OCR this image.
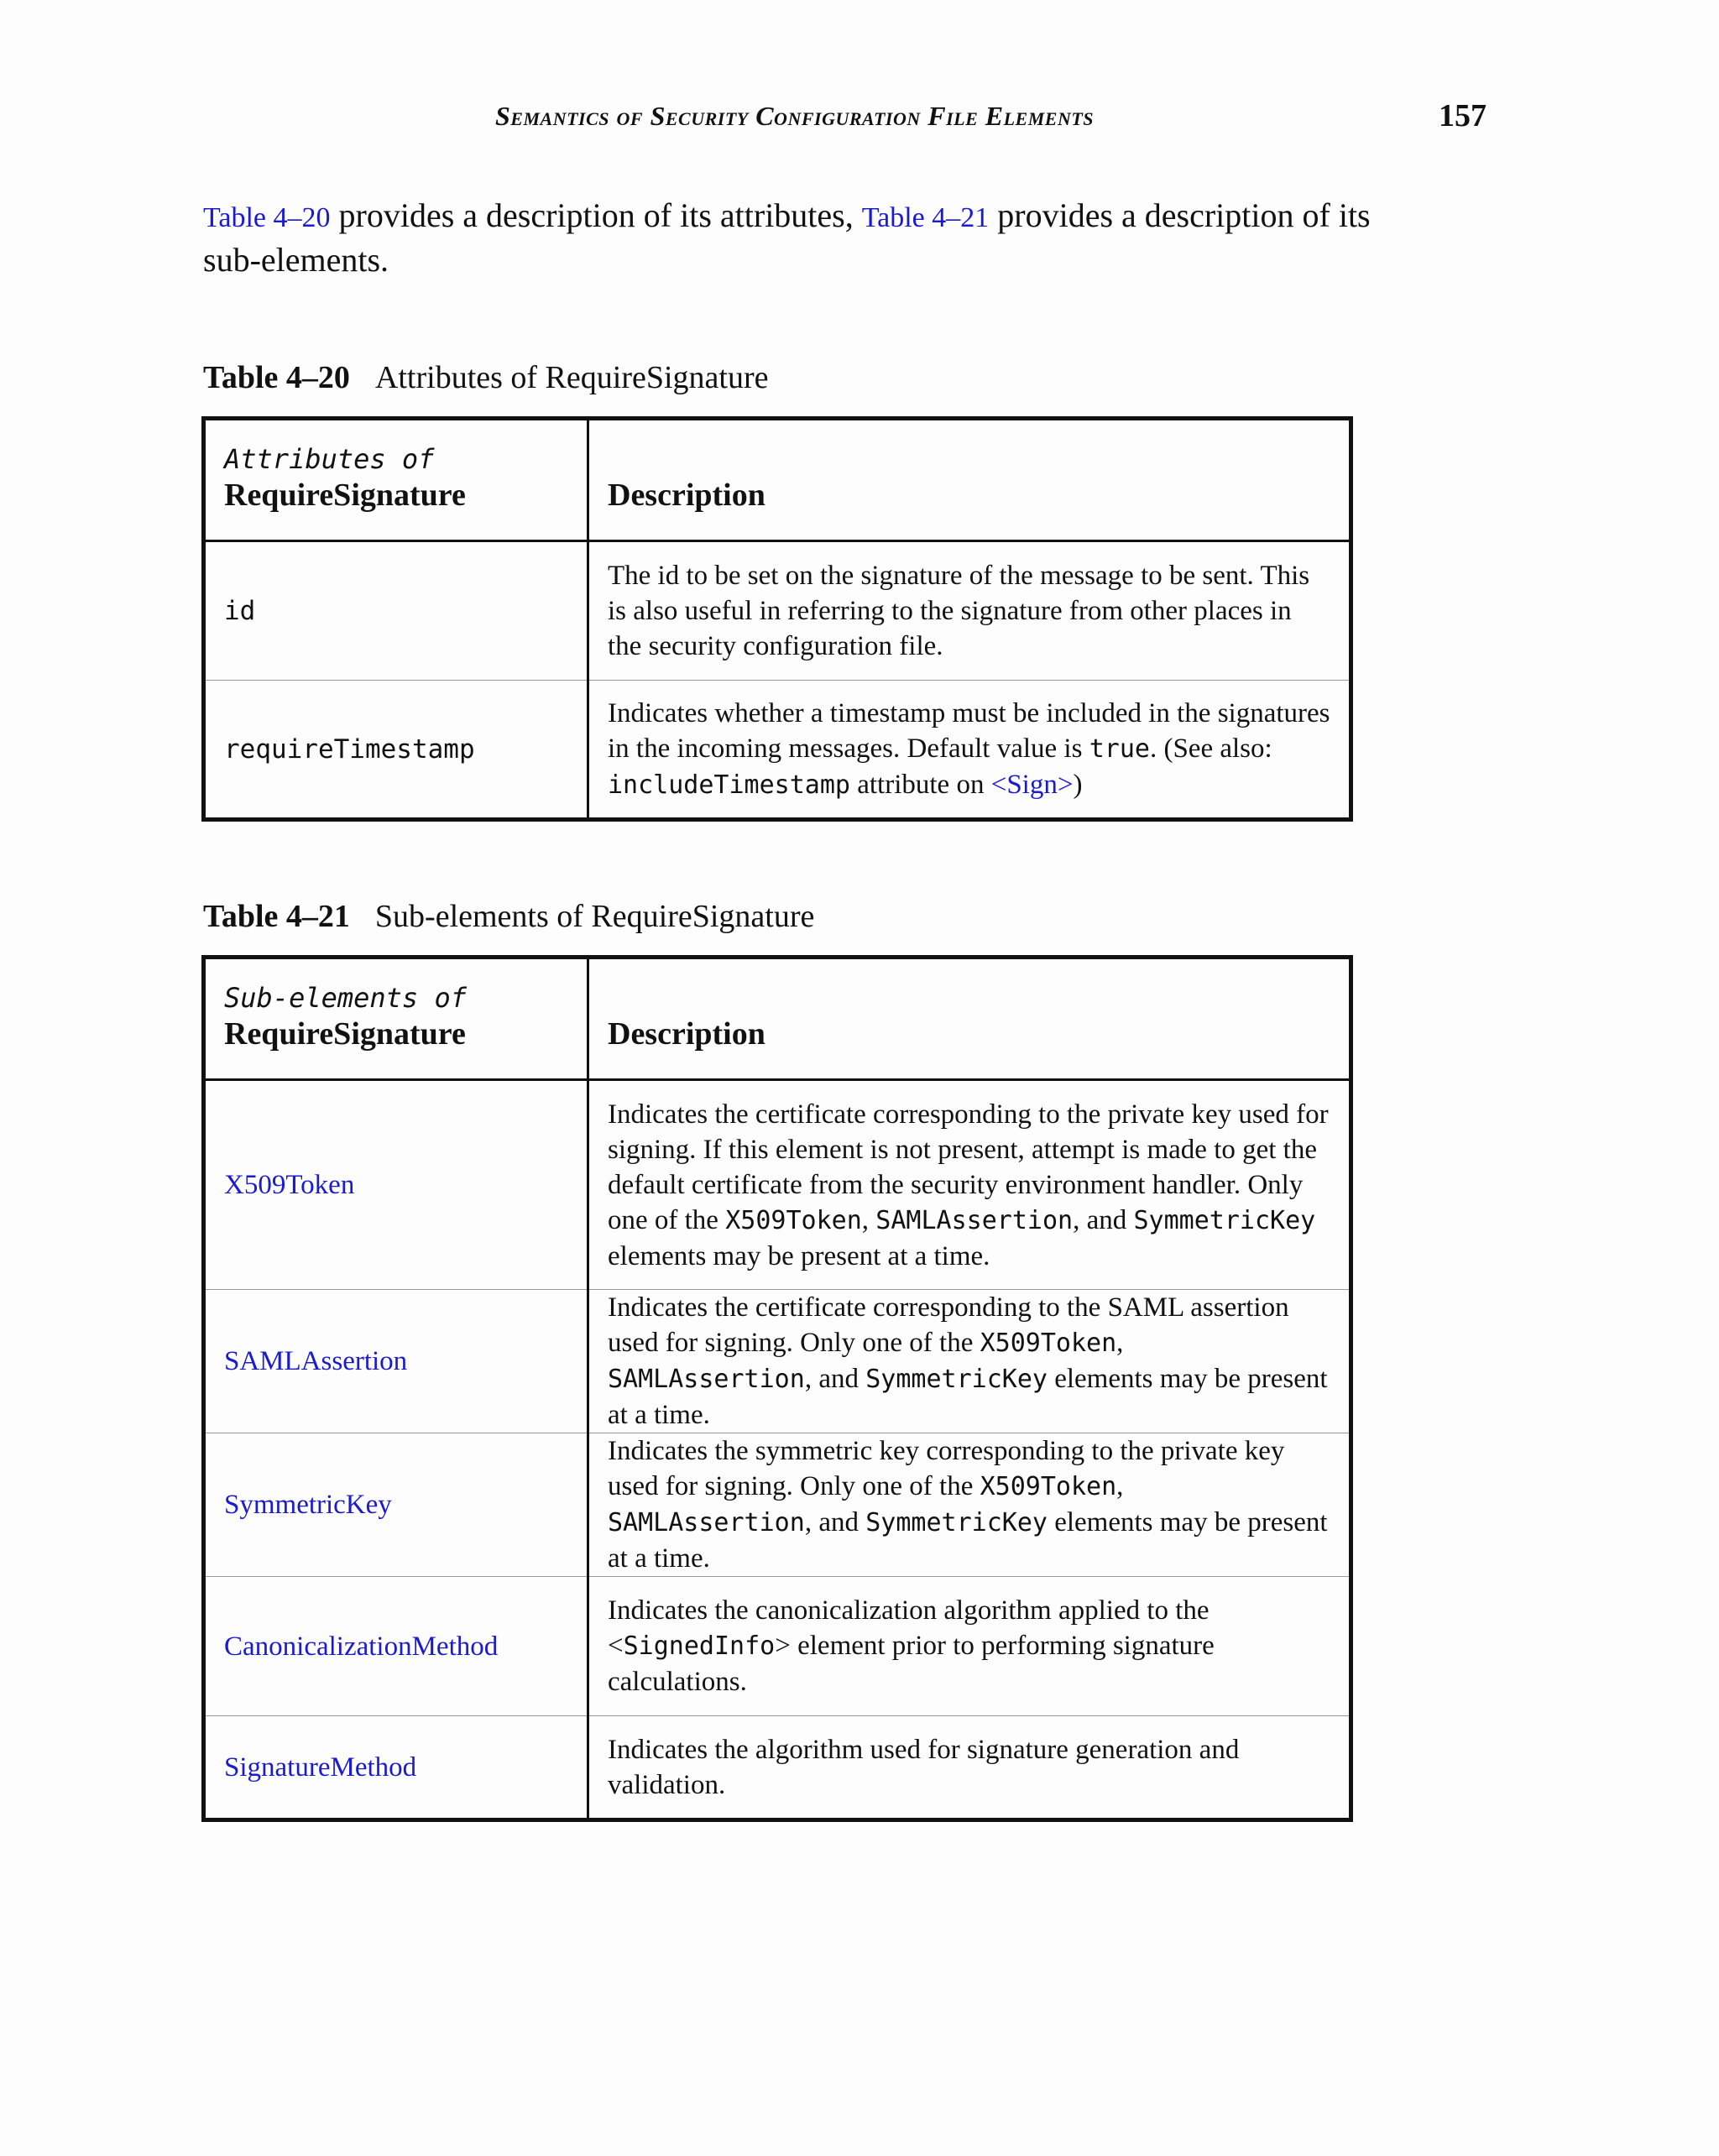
Semantics of Security Configuration File Elements	157
Table 4–20 provides a description of its attributes, Table 4–21 provides a description of its sub-elements.
Table 4–20 Attributes of RequireSignature
Attributes of
RequireSignature	Description
id	The id to be set on the signature of the message to be sent. This is also useful in referring to the signature from other places in the security configuration file.
requireTimestamp	Indicates whether a timestamp must be included in the signatures in the incoming messages. Default value is true. (See also: includeTimestamp attribute on <Sign>)
Table 4–21 Sub-elements of RequireSignature
Sub-elements of
RequireSignature	Description
X509Token	Indicates the certificate corresponding to the private key used for signing. If this element is not present, attempt is made to get the default certificate from the security environment handler. Only one of the X509Token, SAMLAssertion, and SymmetricKey elements may be present at a time.
SAMLAssertion	Indicates the certificate corresponding to the SAML assertion used for signing. Only one of the X509Token, SAMLAssertion, and SymmetricKey elements may be present at a time.
SymmetricKey	Indicates the symmetric key corresponding to the private key used for signing. Only one of the X509Token, SAMLAssertion, and SymmetricKey elements may be present at a time.
CanonicalizationMethod	Indicates the canonicalization algorithm applied to the <SignedInfo> element prior to performing signature calculations.
SignatureMethod	Indicates the algorithm used for signature generation and validation.
